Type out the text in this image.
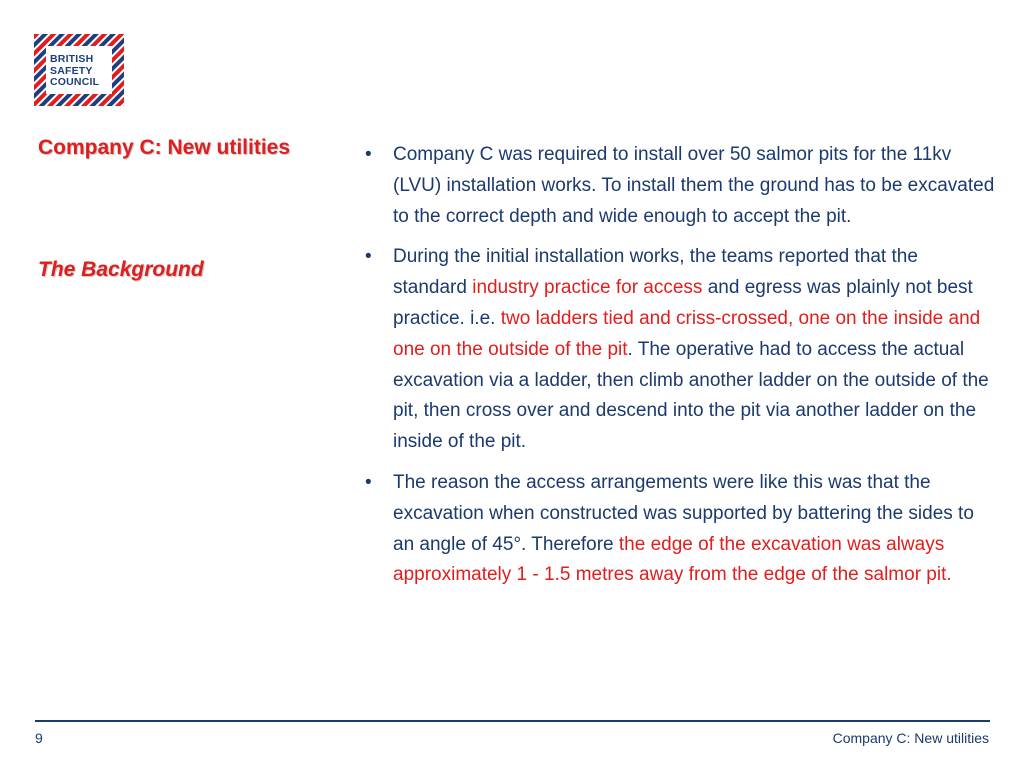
BRITISH
SAFETY
COUNCIL
Company C: New utilities
The Background
• Company C was required to install over 50 salmor pits for the 11kv (LVU) installation works. To install them the ground has to be excavated to the correct depth and wide enough to accept the pit.
• During the initial installation works, the teams reported that the standard industry practice for access and egress was plainly not best practice. i.e. two ladders tied and criss-crossed, one on the inside and one on the outside of the pit. The operative had to access the actual excavation via a ladder, then climb another ladder on the outside of the pit, then cross over and descend into the pit via another ladder on the inside of the pit.
• The reason the access arrangements were like this was that the excavation when constructed was supported by battering the sides to an angle of 45°. Therefore the edge of the excavation was always approximately 1 - 1.5 metres away from the edge of the salmor pit.
9	Company C: New utilities
